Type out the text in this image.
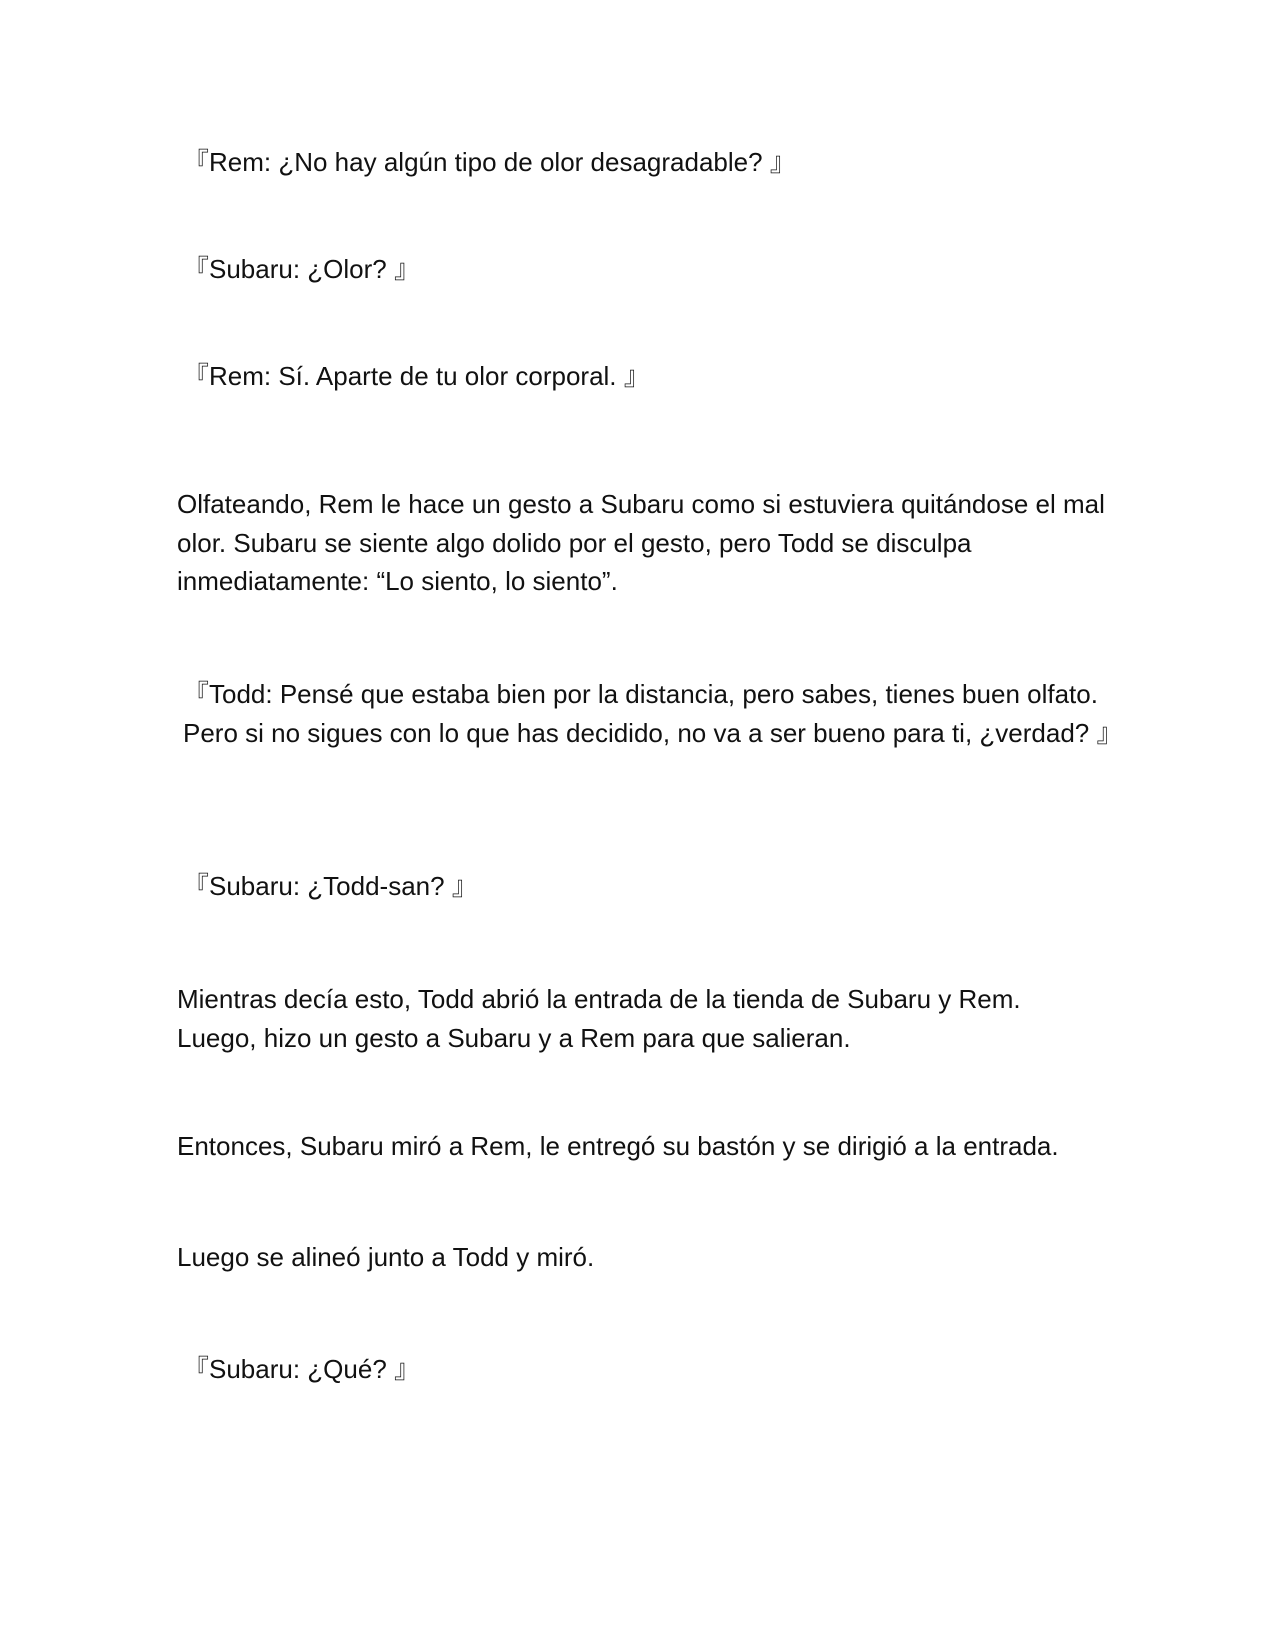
『Rem: ¿No hay algún tipo de olor desagradable? 』

『Subaru: ¿Olor? 』

『Rem: Sí. Aparte de tu olor corporal. 』

Olfateando, Rem le hace un gesto a Subaru como si estuviera quitándose el mal olor. Subaru se siente algo dolido por el gesto, pero Todd se disculpa inmediatamente: “Lo siento, lo siento”.

『Todd: Pensé que estaba bien por la distancia, pero sabes, tienes buen olfato. Pero si no sigues con lo que has decidido, no va a ser bueno para ti, ¿verdad? 』

『Subaru: ¿Todd-san? 』

Mientras decía esto, Todd abrió la entrada de la tienda de Subaru y Rem. Luego, hizo un gesto a Subaru y a Rem para que salieran.

Entonces, Subaru miró a Rem, le entregó su bastón y se dirigió a la entrada.

Luego se alineó junto a Todd y miró.

『Subaru: ¿Qué? 』
